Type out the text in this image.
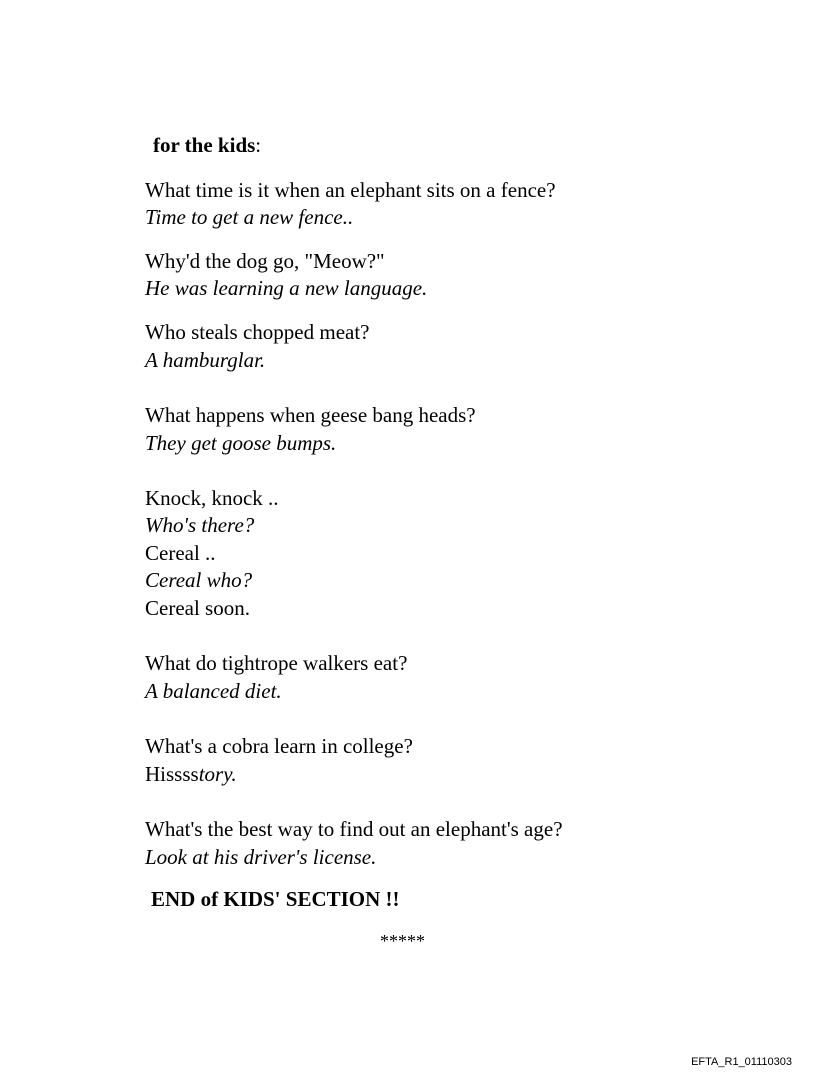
for the kids:
What time is it when an elephant sits on a fence?
Time to get a new fence..
Why'd the dog go, "Meow?"
He was learning a new language.
Who steals chopped meat?
A hamburglar.
What happens when geese bang heads?
They get goose bumps.
Knock, knock ..
Who's there?
Cereal ..
Cereal who?
Cereal soon.
What do tightrope walkers eat?
A balanced diet.
What's a cobra learn in college?
Hisssstory.
What's the best way to find out an elephant's age?
Look at his driver's license.
END of KIDS' SECTION !!
*****
EFTA_R1_01110303
